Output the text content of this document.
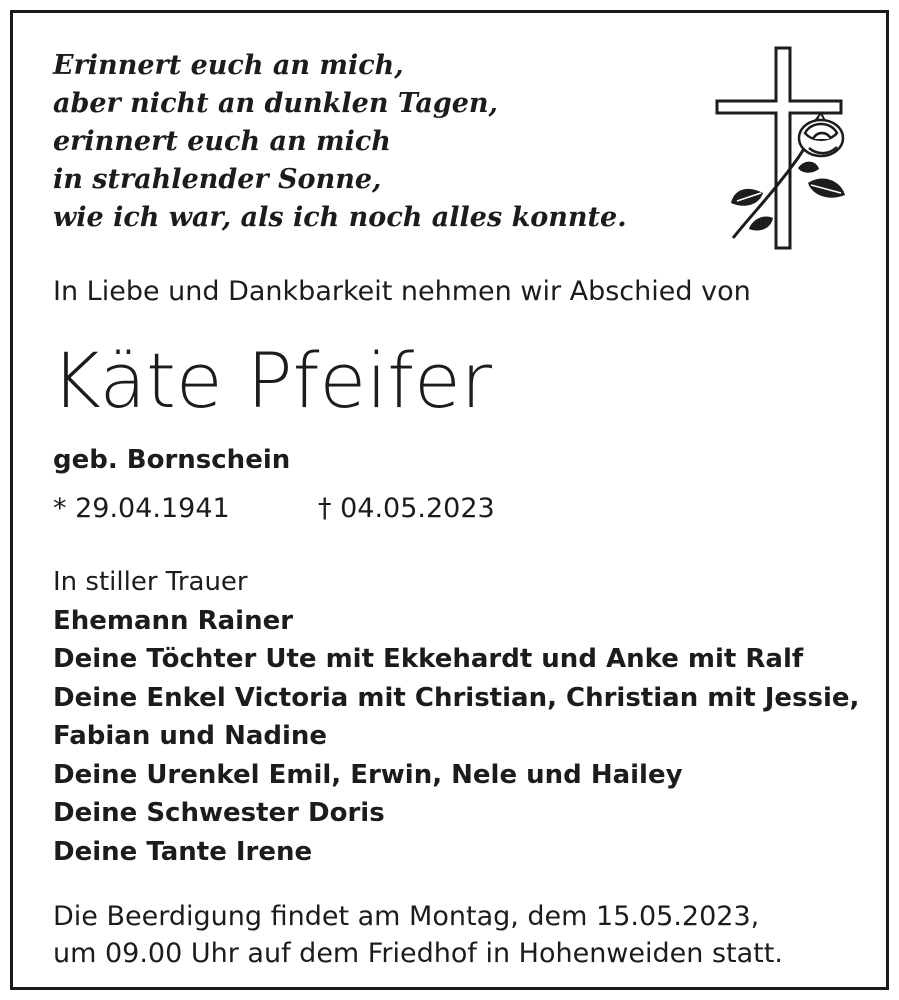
Erinnert euch an mich,
aber nicht an dunklen Tagen,
erinnert euch an mich
in strahlender Sonne,
wie ich war, als ich noch alles konnte.
In Liebe und Dankbarkeit nehmen wir Abschied von
Käte Pfeifer
geb. Bornschein
* 29.04.1941	† 04.05.2023
In stiller Trauer
Ehemann Rainer
Deine Töchter Ute mit Ekkehardt und Anke mit Ralf
Deine Enkel Victoria mit Christian, Christian mit Jessie,
Fabian und Nadine
Deine Urenkel Emil, Erwin, Nele und Hailey
Deine Schwester Doris
Deine Tante Irene
Die Beerdigung findet am Montag, dem 15.05.2023,
um 09.00 Uhr auf dem Friedhof in Hohenweiden statt.
